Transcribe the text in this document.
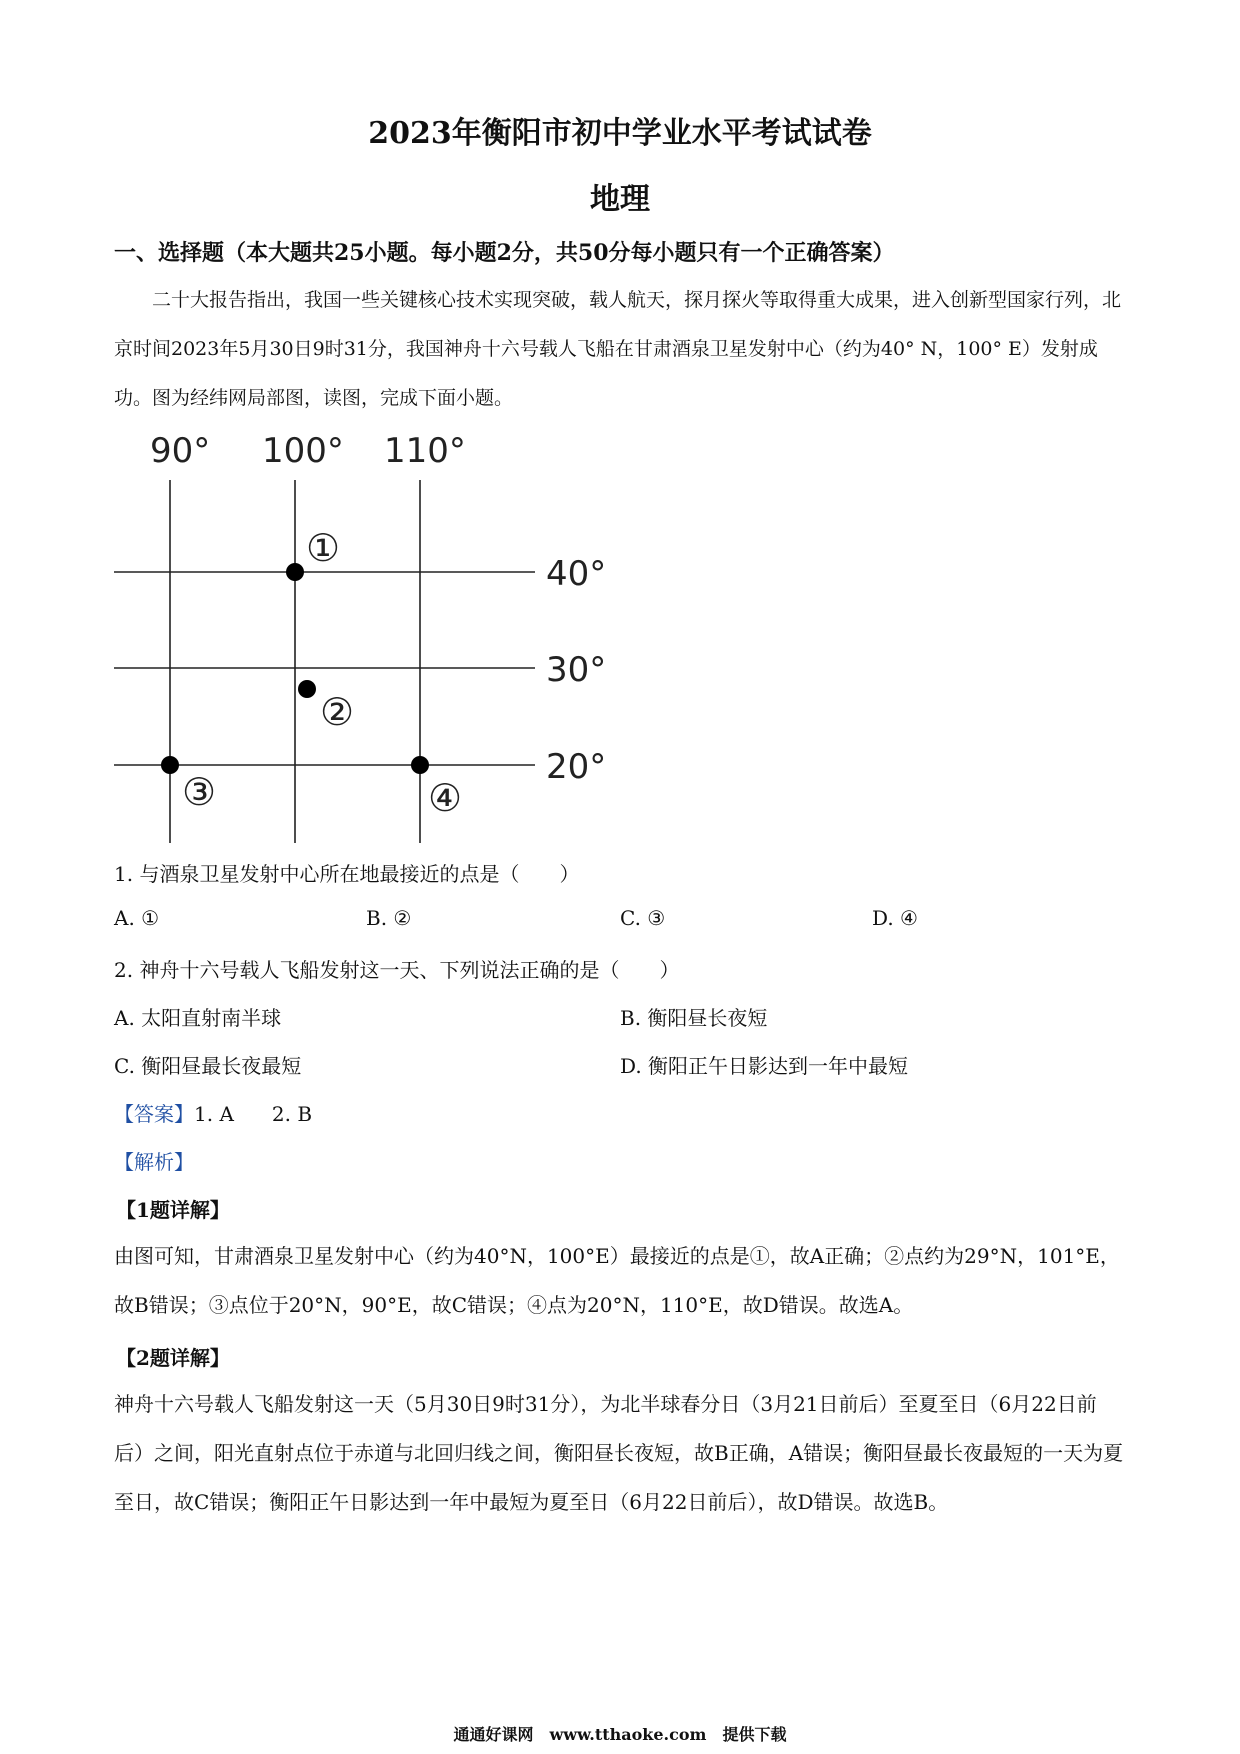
2023年衡阳市初中学业水平考试试卷
地理
一、选择题（本大题共25小题。每小题2分，共50分每小题只有一个正确答案）
二十大报告指出，我国一些关键核心技术实现突破，载人航天，探月探火等取得重大成果，进入创新型国家行列，北京时间2023年5月30日9时31分，我国神舟十六号载人飞船在甘肃酒泉卫星发射中心（约为40° N，100° E）发射成功。图为经纬网局部图，读图，完成下面小题。
90° 100° 110°
40°
30°
20°
①
②
③	④
1. 与酒泉卫星发射中心所在地最接近的点是（　　）
A. ①	B. ②	C. ③	D. ④
2. 神舟十六号载人飞船发射这一天、下列说法正确的是（　　）
A. 太阳直射南半球	B. 衡阳昼长夜短
C. 衡阳昼最长夜最短	D. 衡阳正午日影达到一年中最短
【答案】1. A 2. B
【解析】
【1题详解】
由图可知，甘肃酒泉卫星发射中心（约为40°N，100°E）最接近的点是①，故A正确；②点约为29°N，101°E，故B错误；③点位于20°N，90°E，故C错误；④点为20°N，110°E，故D错误。故选A。
【2题详解】
神舟十六号载人飞船发射这一天（5月30日9时31分），为北半球春分日（3月21日前后）至夏至日（6月22日前后）之间，阳光直射点位于赤道与北回归线之间，衡阳昼长夜短，故B正确，A错误；衡阳昼最长夜最短的一天为夏至日，故C错误；衡阳正午日影达到一年中最短为夏至日（6月22日前后），故D错误。故选B。
通通好课网　www.tthaoke.com　提供下载
